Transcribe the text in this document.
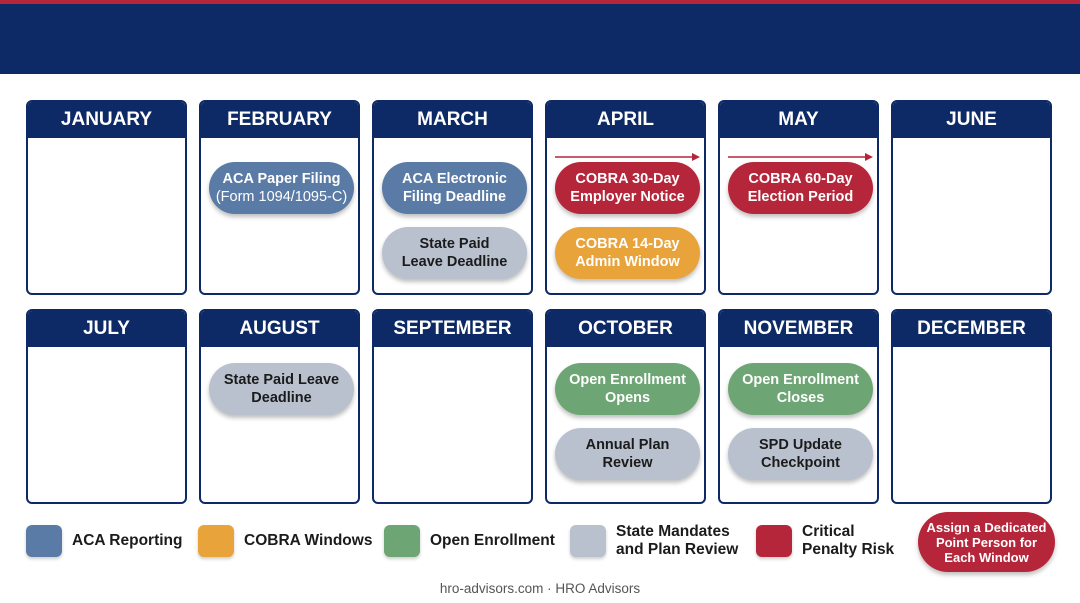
JANUARY	FEBRUARY
ACA Paper Filing
(Form 1094/1095-C)
MARCH
ACA Electronic
Filing Deadline
State Paid
Leave Deadline
APRIL
COBRA 30-Day
Employer Notice
COBRA 14-Day
Admin Window
MAY
COBRA 60-Day
Election Period
JUNE
JULY	AUGUST
State Paid Leave
Deadline
SEPTEMBER	OCTOBER
Open Enrollment
Opens
Annual Plan
Review
NOVEMBER
Open Enrollment
Closes
SPD Update
Checkpoint
DECEMBER
ACA Reporting	COBRA Windows	Open Enrollment
State Mandates
and Plan Review
Critical
Penalty Risk
Assign a Dedicated
Point Person for
Each Window
hro-advisors.com · HRO Advisors
